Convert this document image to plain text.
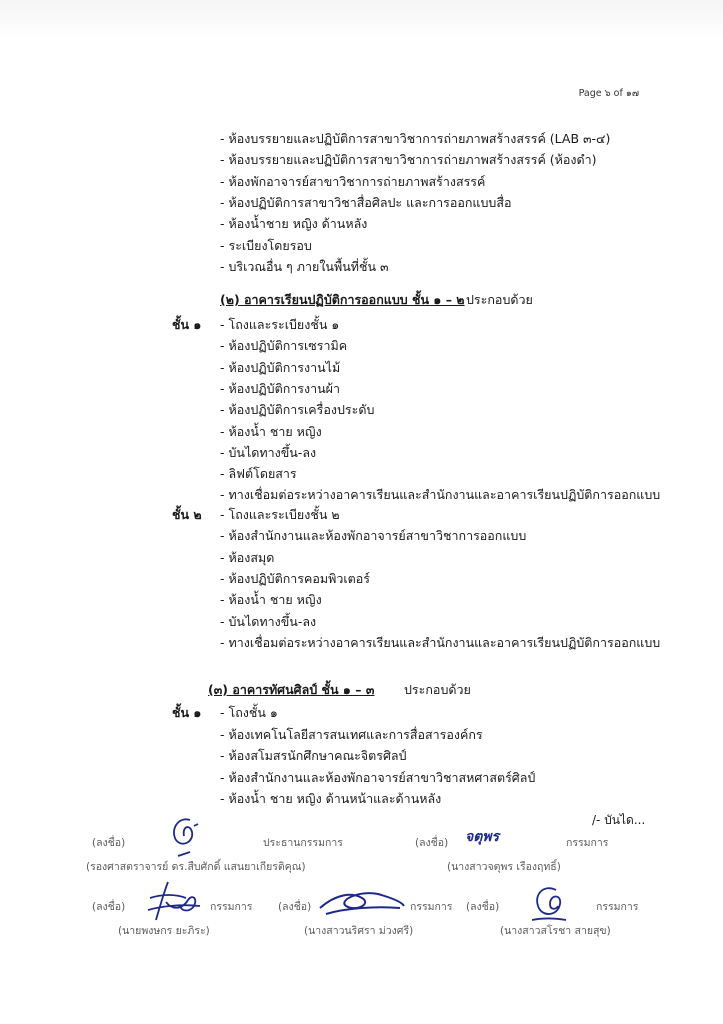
Page ๖ of ๑๗
- ห้องบรรยายและปฏิบัติการสาขาวิชาการถ่ายภาพสร้างสรรค์ (LAB ๓-๔)
- ห้องบรรยายและปฏิบัติการสาขาวิชาการถ่ายภาพสร้างสรรค์ (ห้องดำ)
- ห้องพักอาจารย์สาขาวิชาการถ่ายภาพสร้างสรรค์
- ห้องปฏิบัติการสาขาวิชาสื่อศิลปะ และการออกแบบสื่อ
- ห้องน้ำชาย หญิง ด้านหลัง
- ระเบียงโดยรอบ
- บริเวณอื่น ๆ ภายในพื้นที่ชั้น ๓
(๒) อาคารเรียนปฏิบัติการออกแบบ ชั้น ๑ – ๒ ประกอบด้วย
ชั้น ๑ - โถงและระเบียงชั้น ๑
- ห้องปฏิบัติการเซรามิค
- ห้องปฏิบัติการงานไม้
- ห้องปฏิบัติการงานผ้า
- ห้องปฏิบัติการเครื่องประดับ
- ห้องน้ำ ชาย หญิง
- บันไดทางขึ้น-ลง
- ลิฟต์โดยสาร
- ทางเชื่อมต่อระหว่างอาคารเรียนและสำนักงานและอาคารเรียนปฏิบัติการออกแบบ
ชั้น ๒ - โถงและระเบียงชั้น ๒
- ห้องสำนักงานและห้องพักอาจารย์สาขาวิชาการออกแบบ
- ห้องสมุด
- ห้องปฏิบัติการคอมพิวเตอร์
- ห้องน้ำ ชาย หญิง
- บันไดทางขึ้น-ลง
- ทางเชื่อมต่อระหว่างอาคารเรียนและสำนักงานและอาคารเรียนปฏิบัติการออกแบบ
(๓) อาคารทัศนศิลป์ ชั้น ๑ – ๓ ประกอบด้วย
ชั้น ๑ - โถงชั้น ๑
- ห้องเทคโนโลยีสารสนเทศและการสื่อสารองค์กร
- ห้องสโมสรนักศึกษาคณะจิตรศิลป์
- ห้องสำนักงานและห้องพักอาจารย์สาขาวิชาสหศาสตร์ศิลป์
- ห้องน้ำ ชาย หญิง ด้านหน้าและด้านหลัง
/- บันได...
(ลงชื่อ)	ประธานกรรมการ
(รองศาสตราจารย์ ดร.สืบศักดิ์ แสนยาเกียรติคุณ)
(ลงชื่อ) จตุพร	กรรมการ
(นางสาวจตุพร เรืองฤทธิ์)
(ลงชื่อ)	กรรมการ
(นายพงษกร ยะภิระ)
(ลงชื่อ)	กรรมการ
(นางสาวนริศรา ม่วงศรี)
(ลงชื่อ)	กรรมการ
(นางสาวสโรชา สายสุข)
